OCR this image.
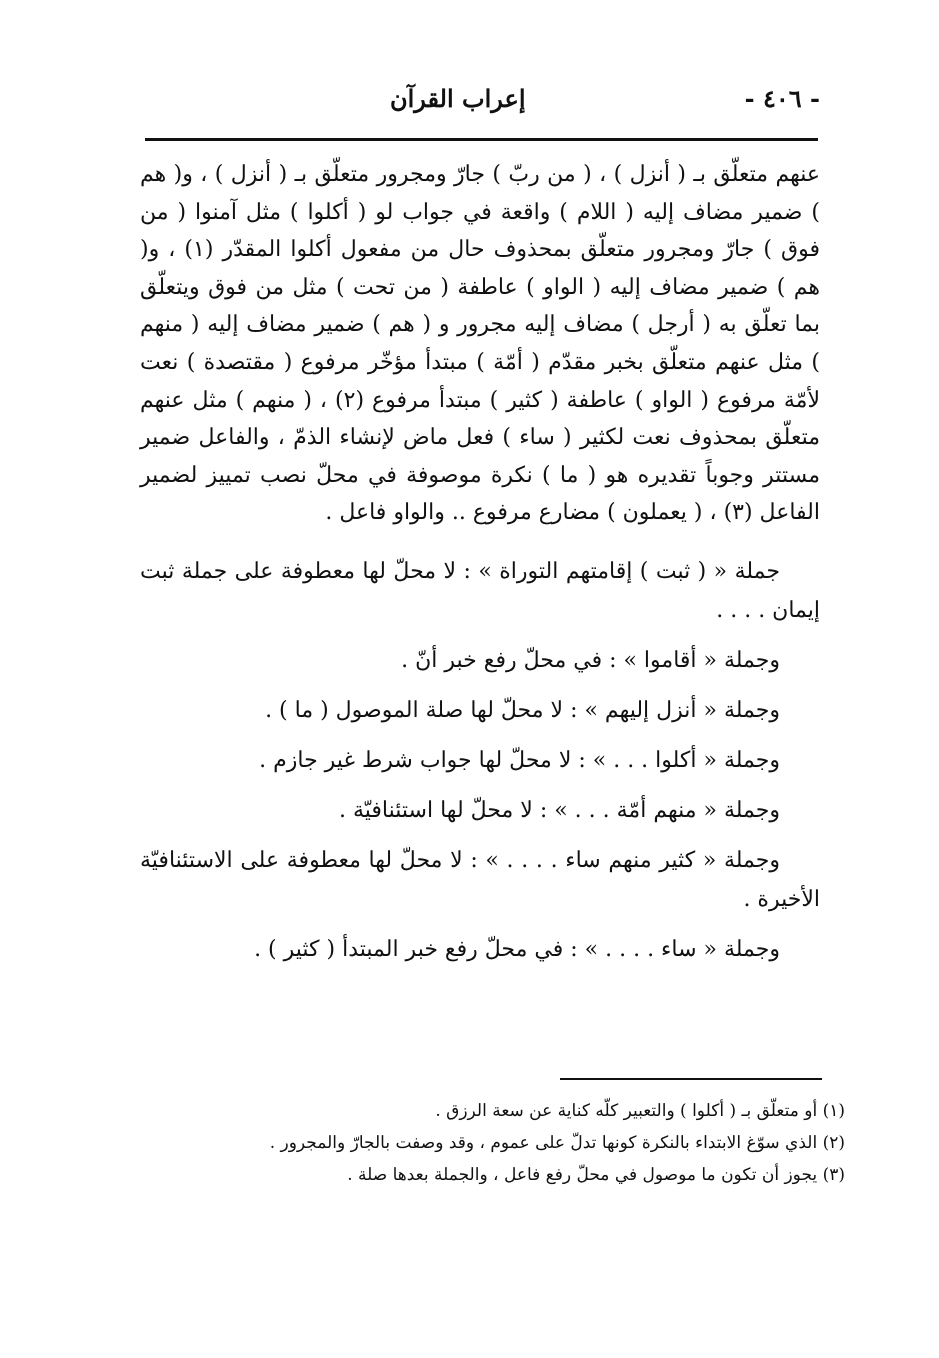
- ٤٠٦ -
إعراب القرآن

عنهم متعلّق بـ ( أنزل ) ، ( من ربّ ) جارّ ومجرور متعلّق بـ ( أنزل ) ، و( هم ) ضمير مضاف إليه ( اللام ) واقعة في جواب لو ( أكلوا ) مثل آمنوا ( من فوق ) جارّ ومجرور متعلّق بمحذوف حال من مفعول أكلوا المقدّر (١) ، و( هم ) ضمير مضاف إليه ( الواو ) عاطفة ( من تحت ) مثل من فوق ويتعلّق بما تعلّق به ( أرجل ) مضاف إليه مجرور و ( هم ) ضمير مضاف إليه ( منهم ) مثل عنهم متعلّق بخبر مقدّم ( أمّة ) مبتدأ مؤخّر مرفوع ( مقتصدة ) نعت لأمّة مرفوع ( الواو ) عاطفة ( كثير ) مبتدأ مرفوع (٢) ، ( منهم ) مثل عنهم متعلّق بمحذوف نعت لكثير ( ساء ) فعل ماض لإنشاء الذمّ ، والفاعل ضمير مستتر وجوباً تقديره هو ( ما ) نكرة موصوفة في محلّ نصب تمييز لضمير الفاعل (٣) ، ( يعملون ) مضارع مرفوع .. والواو فاعل .

جملة « ( ثبت ) إقامتهم التوراة » : لا محلّ لها معطوفة على جملة ثبت إيمان . . . .

وجملة « أقاموا » : في محلّ رفع خبر أنّ .

وجملة « أنزل إليهم » : لا محلّ لها صلة الموصول ( ما ) .

وجملة « أكلوا . . . » : لا محلّ لها جواب شرط غير جازم .

وجملة « منهم أمّة . . . » : لا محلّ لها استئنافيّة .

وجملة « كثير منهم ساء . . . . » : لا محلّ لها معطوفة على الاستئنافيّة الأخيرة .

وجملة « ساء . . . . » : في محلّ رفع خبر المبتدأ ( كثير ) .

(١) أو متعلّق بـ ( أكلوا ) والتعبير كلّه كناية عن سعة الرزق .

(٢) الذي سوّغ الابتداء بالنكرة كونها تدلّ على عموم ، وقد وصفت بالجارّ والمجرور .

(٣) يجوز أن تكون ما موصول في محلّ رفع فاعل ، والجملة بعدها صلة .
